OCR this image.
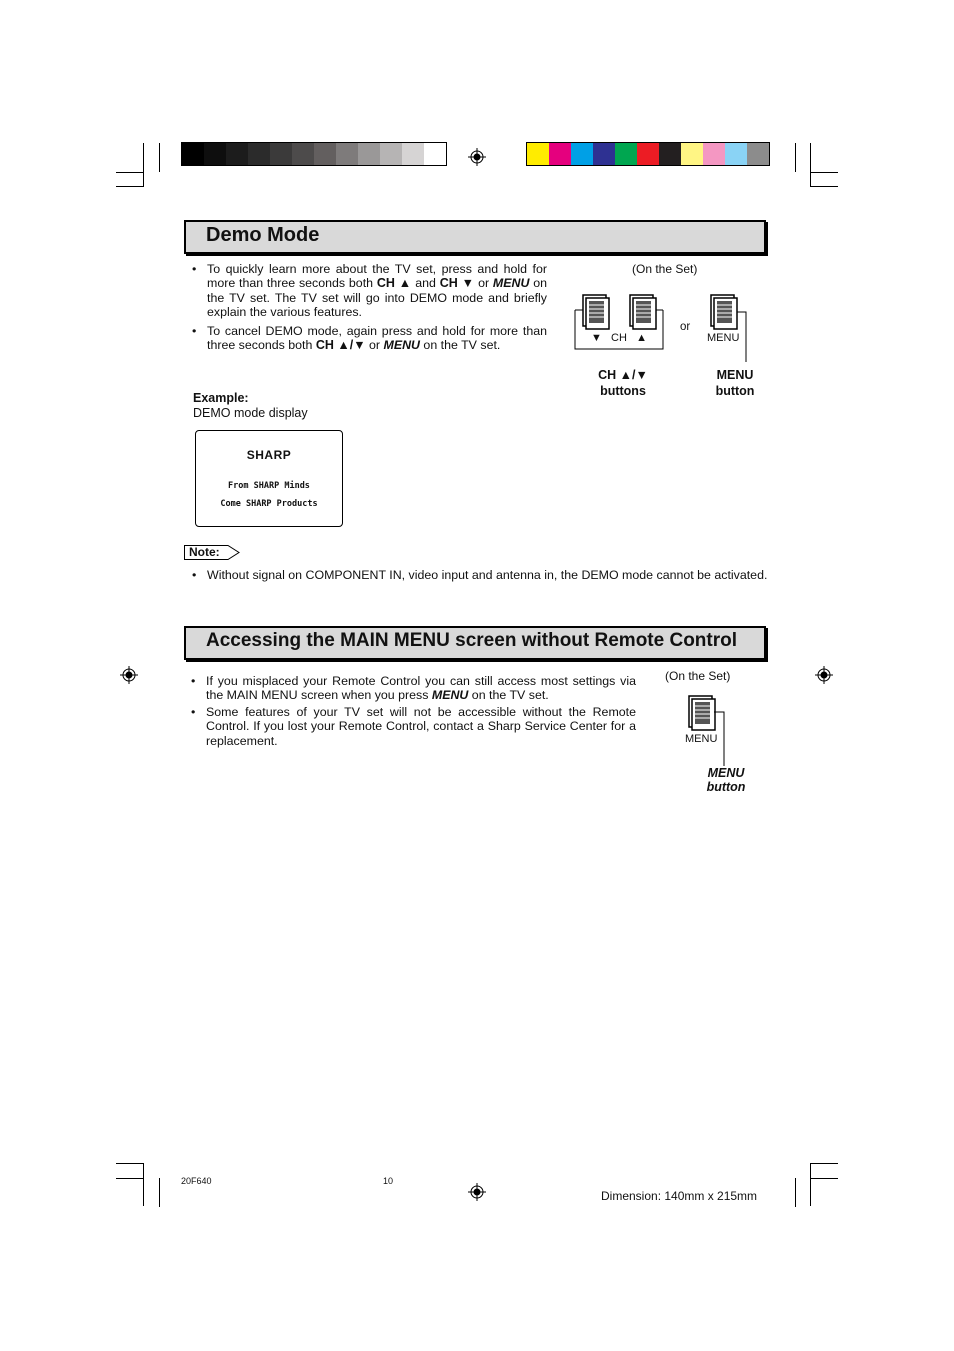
Demo Mode
• To quickly learn more about the TV set, press and hold for more than three seconds both CH ▲ and CH ▼ or MENU on the TV set. The TV set will go into DEMO mode and briefly explain the various features.
• To cancel DEMO mode, again press and hold for more than three seconds both CH ▲/▼ or MENU on the TV set.
(On the Set)
▼   CH   ▲
or
MENU
CH ▲/▼
buttons
MENU
button
Example:
DEMO mode display
SHARP
From SHARP Minds
Come SHARP Products
Note:
• Without signal on COMPONENT IN, video input and antenna in, the DEMO mode cannot be activated.
Accessing the MAIN MENU screen without Remote Control
• If you misplaced your Remote Control you can still access most settings via the MAIN MENU screen when you press MENU on the TV set.
• Some features of your TV set will not be accessible without the Remote Control. If you lost your Remote Control, contact a Sharp Service Center for a replacement.
(On the Set)
MENU
MENU
button
20F640	10
Dimension: 140mm x 215mm
